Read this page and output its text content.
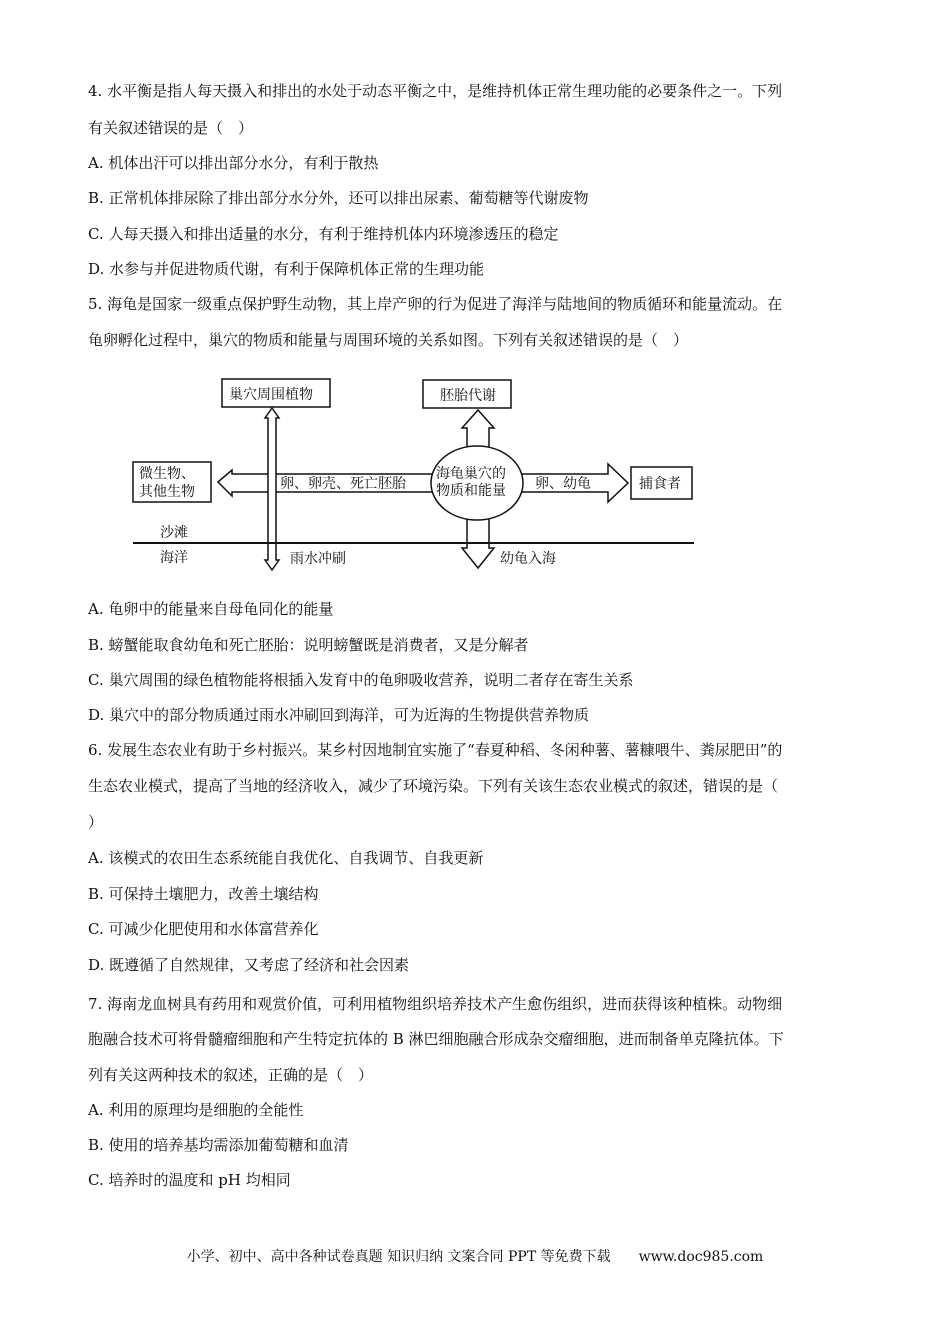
4. 水平衡是指人每天摄入和排出的水处于动态平衡之中，是维持机体正常生理功能的必要条件之一。下列
有关叙述错误的是（　）
A. 机体出汗可以排出部分水分，有利于散热
B. 正常机体排尿除了排出部分水分外，还可以排出尿素、葡萄糖等代谢废物
C. 人每天摄入和排出适量的水分，有利于维持机体内环境渗透压的稳定
D. 水参与并促进物质代谢，有利于保障机体正常的生理功能
5. 海龟是国家一级重点保护野生动物，其上岸产卵的行为促进了海洋与陆地间的物质循环和能量流动。在
龟卵孵化过程中，巢穴的物质和能量与周围环境的关系如图。下列有关叙述错误的是（　）
巢穴周围植物	胚胎代谢
微生物、
其他生物	捕食者
海龟巢穴的
物质和能量
卵、卵壳、死亡胚胎	卵、幼龟
沙滩
海洋	雨水冲刷	幼龟入海
A. 龟卵中的能量来自母龟同化的能量
B. 螃蟹能取食幼龟和死亡胚胎：说明螃蟹既是消费者，又是分解者
C. 巢穴周围的绿色植物能将根插入发育中的龟卵吸收营养，说明二者存在寄生关系
D. 巢穴中的部分物质通过雨水冲刷回到海洋，可为近海的生物提供营养物质
6. 发展生态农业有助于乡村振兴。某乡村因地制宜实施了“春夏种稻、冬闲种薯、薯糠喂牛、粪尿肥田”的
生态农业模式，提高了当地的经济收入，减少了环境污染。下列有关该生态农业模式的叙述，错误的是（
）
A. 该模式的农田生态系统能自我优化、自我调节、自我更新
B. 可保持土壤肥力，改善土壤结构
C. 可减少化肥使用和水体富营养化
D. 既遵循了自然规律，又考虑了经济和社会因素
7. 海南龙血树具有药用和观赏价值，可利用植物组织培养技术产生愈伤组织，进而获得该种植株。动物细
胞融合技术可将骨髓瘤细胞和产生特定抗体的 B 淋巴细胞融合形成杂交瘤细胞，进而制备单克隆抗体。下
列有关这两种技术的叙述，正确的是（　）
A. 利用的原理均是细胞的全能性
B. 使用的培养基均需添加葡萄糖和血清
C. 培养时的温度和 pH 均相同
小学、初中、高中各种试卷真题 知识归纳 文案合同 PPT 等免费下载　　www.doc985.com
